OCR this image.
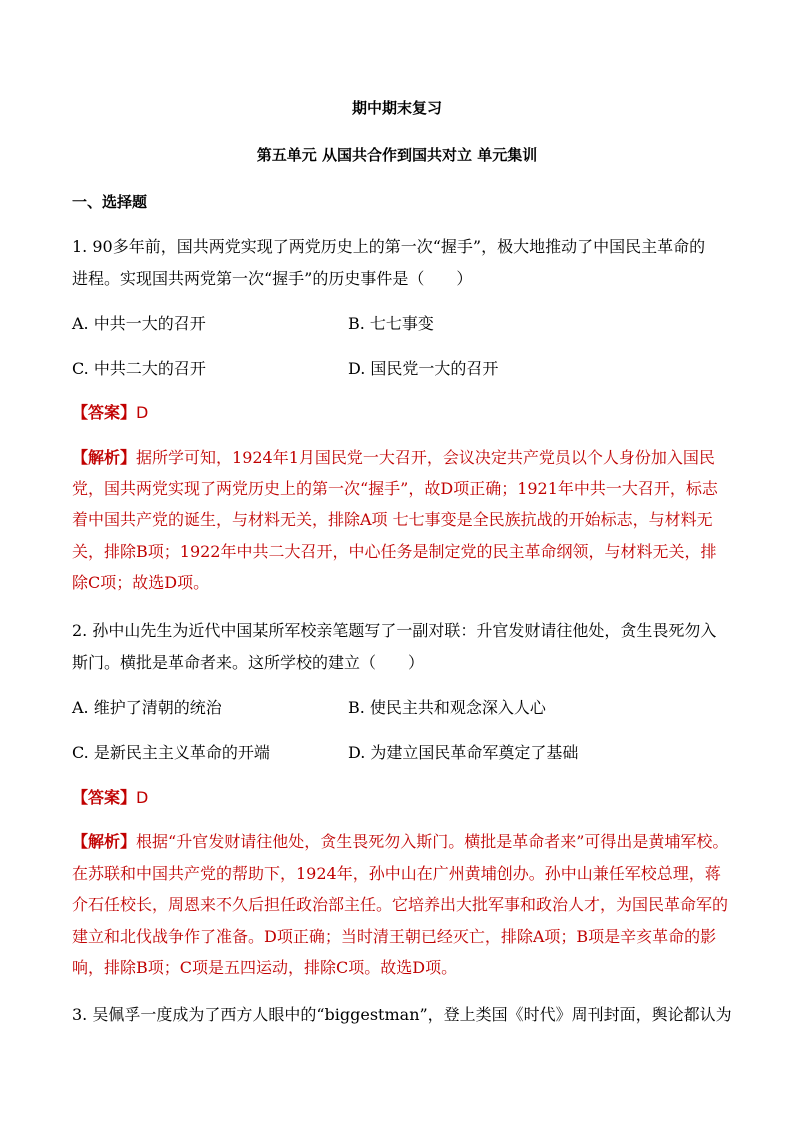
期中期末复习
第五单元 从国共合作到国共对立 单元集训
一、选择题
1. 90多年前，国共两党实现了两党历史上的第一次“握手”，极大地推动了中国民主革命的
进程。实现国共两党第一次“握手”的历史事件是（　　）
A. 中共一大的召开	B. 七七事变
C. 中共二大的召开	D. 国民党一大的召开
【答案】D
【解析】据所学可知，1924年1月国民党一大召开，会议决定共产党员以个人身份加入国民
党，国共两党实现了两党历史上的第一次“握手”，故D项正确；1921年中共一大召开，标志
着中国共产党的诞生，与材料无关，排除A项 七七事变是全民族抗战的开始标志，与材料无
关，排除B项；1922年中共二大召开，中心任务是制定党的民主革命纲领，与材料无关，排
除C项；故选D项。
2. 孙中山先生为近代中国某所军校亲笔题写了一副对联：升官发财请往他处，贪生畏死勿入
斯门。横批是革命者来。这所学校的建立（　　）
A. 维护了清朝的统治	B. 使民主共和观念深入人心
C. 是新民主主义革命的开端	D. 为建立国民革命军奠定了基础
【答案】D
【解析】根据“升官发财请往他处，贪生畏死勿入斯门。横批是革命者来”可得出是黄埔军校。
在苏联和中国共产党的帮助下，1924年，孙中山在广州黄埔创办。孙中山兼任军校总理，蒋
介石任校长，周恩来不久后担任政治部主任。它培养出大批军事和政治人才，为国民革命军的
建立和北伐战争作了准备。D项正确；当时清王朝已经灭亡，排除A项；B项是辛亥革命的影
响，排除B项；C项是五四运动，排除C项。故选D项。
3. 吴佩孚一度成为了西方人眼中的“biggestman”，登上类国《时代》周刊封面，舆论都认为
